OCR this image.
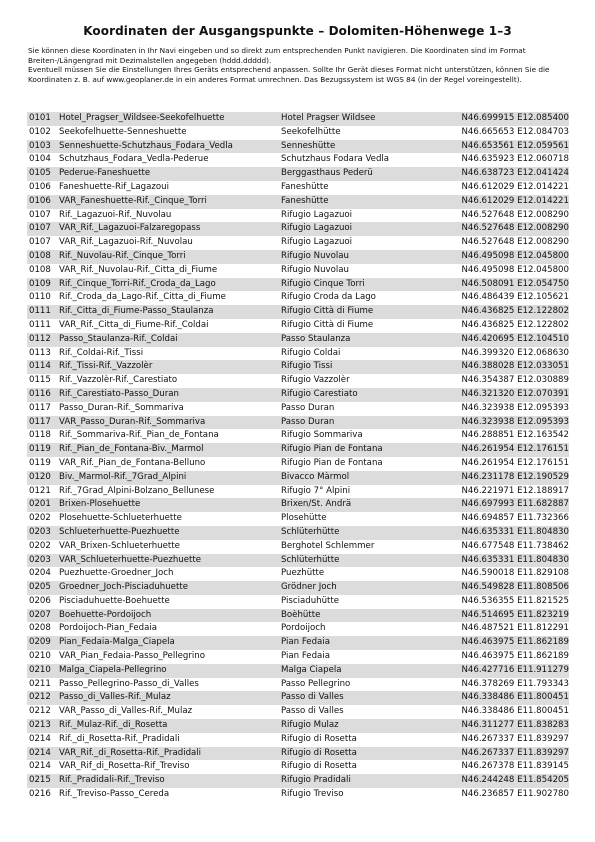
Koordinaten der Ausgangspunkte – Dolomiten-Höhenwege 1–3

Sie können diese Koordinaten in Ihr Navi eingeben und so direkt zum entsprechenden Punkt navigieren. Die Koordinaten sind im Format Breiten-/Längengrad mit Dezimalstellen angegeben (hddd.ddddd).

Eventuell müssen Sie die Einstellungen Ihres Geräts entsprechend anpassen. Sollte Ihr Gerät dieses Format nicht unterstützen, können Sie die Koordinaten z. B. auf www.geoplaner.de in ein anderes Format umrechnen. Das Bezugssystem ist WGS 84 (in der Regel voreingestellt).

0101	Hotel_Pragser_Wildsee-Seekofelhuette	Hotel Pragser Wildsee	N46.699915 E12.085400
0102	Seekofelhuette-Senneshuette	Seekofelhütte	N46.665653 E12.084703
0103	Senneshuette-Schutzhaus_Fodara_Vedla	Senneshütte	N46.653561 E12.059561
0104	Schutzhaus_Fodara_Vedla-Pederue	Schutzhaus Fodara Vedla	N46.635923 E12.060718
0105	Pederue-Faneshuette	Berggasthaus Pederü	N46.638723 E12.041424
0106	Faneshuette-Rif_Lagazoui	Faneshütte	N46.612029 E12.014221
0106	VAR_Faneshuette-Rif._Cinque_Torri	Faneshütte	N46.612029 E12.014221
0107	Rif._Lagazuoi-Rif._Nuvolau	Rifugio Lagazuoi	N46.527648 E12.008290
0107	VAR_Rif._Lagazuoi-Falzaregopass	Rifugio Lagazuoi	N46.527648 E12.008290
0107	VAR_Rif._Lagazuoi-Rif._Nuvolau	Rifugio Lagazuoi	N46.527648 E12.008290
0108	Rif._Nuvolau-Rif._Cinque_Torri	Rifugio Nuvolau	N46.495098 E12.045800
0108	VAR_Rif._Nuvolau-Rif._Citta_di_Fiume	Rifugio Nuvolau	N46.495098 E12.045800
0109	Rif._Cinque_Torri-Rif._Croda_da_Lago	Rifugio Cinque Torri	N46.508091 E12.054750
0110	Rif._Croda_da_Lago-Rif._Citta_di_Fiume	Rifugio Croda da Lago	N46.486439 E12.105621
0111	Rif._Citta_di_Fiume-Passo_Staulanza	Rifugio Città di Fiume	N46.436825 E12.122802
0111	VAR_Rif._Citta_di_Fiume-Rif._Coldai	Rifugio Città di Fiume	N46.436825 E12.122802
0112	Passo_Staulanza-Rif._Coldai	Passo Staulanza	N46.420695 E12.104510
0113	Rif._Coldai-Rif._Tissi	Rifugio Coldai	N46.399320 E12.068630
0114	Rif._Tissi-Rif._Vazzolèr	Rifugio Tissi	N46.388028 E12.033051
0115	Rif._Vazzolèr-Rif._Carestiato	Rifugio Vazzolèr	N46.354387 E12.030889
0116	Rif._Carestiato-Passo_Duran	Rifugio Carestiato	N46.321320 E12.070391
0117	Passo_Duran-Rif._Sommariva	Passo Duran	N46.323938 E12.095393
0117	VAR_Passo_Duran-Rif._Sommariva	Passo Duran	N46.323938 E12.095393
0118	Rif._Sommariva-Rif._Pian_de_Fontana	Rifugio Sommariva	N46.288851 E12.163542
0119	Rif._Pian_de_Fontana-Biv._Marmol	Rifugio Pian de Fontana	N46.261954 E12.176151
0119	VAR_Rif._Pian_de_Fontana-Belluno	Rifugio Pian de Fontana	N46.261954 E12.176151
0120	Biv._Marmol-Rif._7Grad_Alpini	Bivacco Màrmol	N46.231178 E12.190529
0121	Rif._7Grad_Alpini-Bolzano_Bellunese	Rifugio 7° Alpini	N46.221971 E12.188917
0201	Brixen-Plosehuette	Brixen/St. Andrä	N46.697993 E11.682887
0202	Plosehuette-Schlueterhuette	Plosehütte	N46.694857 E11.732366
0203	Schlueterhuette-Puezhuette	Schlüterhütte	N46.635331 E11.804830
0202	VAR_Brixen-Schlueterhuette	Berghotel Schlemmer	N46.677548 E11.738462
0203	VAR_Schlueterhuette-Puezhuette	Schlüterhütte	N46.635331 E11.804830
0204	Puezhuette-Groedner_Joch	Puezhütte	N46.590018 E11.829108
0205	Groedner_Joch-Pisciaduhuette	Grödner Joch	N46.549828 E11.808506
0206	Pisciaduhuette-Boehuette	Pisciaduhütte	N46.536355 E11.821525
0207	Boehuette-Pordoijoch	Boèhütte	N46.514695 E11.823219
0208	Pordoijoch-Pian_Fedaia	Pordoijoch	N46.487521 E11.812291
0209	Pian_Fedaia-Malga_Ciapela	Pian Fedaia	N46.463975 E11.862189
0210	VAR_Pian_Fedaia-Passo_Pellegrino	Pian Fedaia	N46.463975 E11.862189
0210	Malga_Ciapela-Pellegrino	Malga Ciapela	N46.427716 E11.911279
0211	Passo_Pellegrino-Passo_di_Valles	Passo Pellegrino	N46.378269 E11.793343
0212	Passo_di_Valles-Rif._Mulaz	Passo di Valles	N46.338486 E11.800451
0212	VAR_Passo_di_Valles-Rif._Mulaz	Passo di Valles	N46.338486 E11.800451
0213	Rif._Mulaz-Rif._di_Rosetta	Rifugio Mulaz	N46.311277 E11.838283
0214	Rif._di_Rosetta-Rif._Pradidali	Rifugio di Rosetta	N46.267337 E11.839297
0214	VAR_Rif._di_Rosetta-Rif._Pradidali	Rifugio di Rosetta	N46.267337 E11.839297
0214	VAR_Rif_di_Rosetta-Rif_Treviso	Rifugio di Rosetta	N46.267378 E11.839145
0215	Rif._Pradidali-Rif._Treviso	Rifugio Pradidali	N46.244248 E11.854205
0216	Rif._Treviso-Passo_Cereda	Rifugio Treviso	N46.236857 E11.902780
